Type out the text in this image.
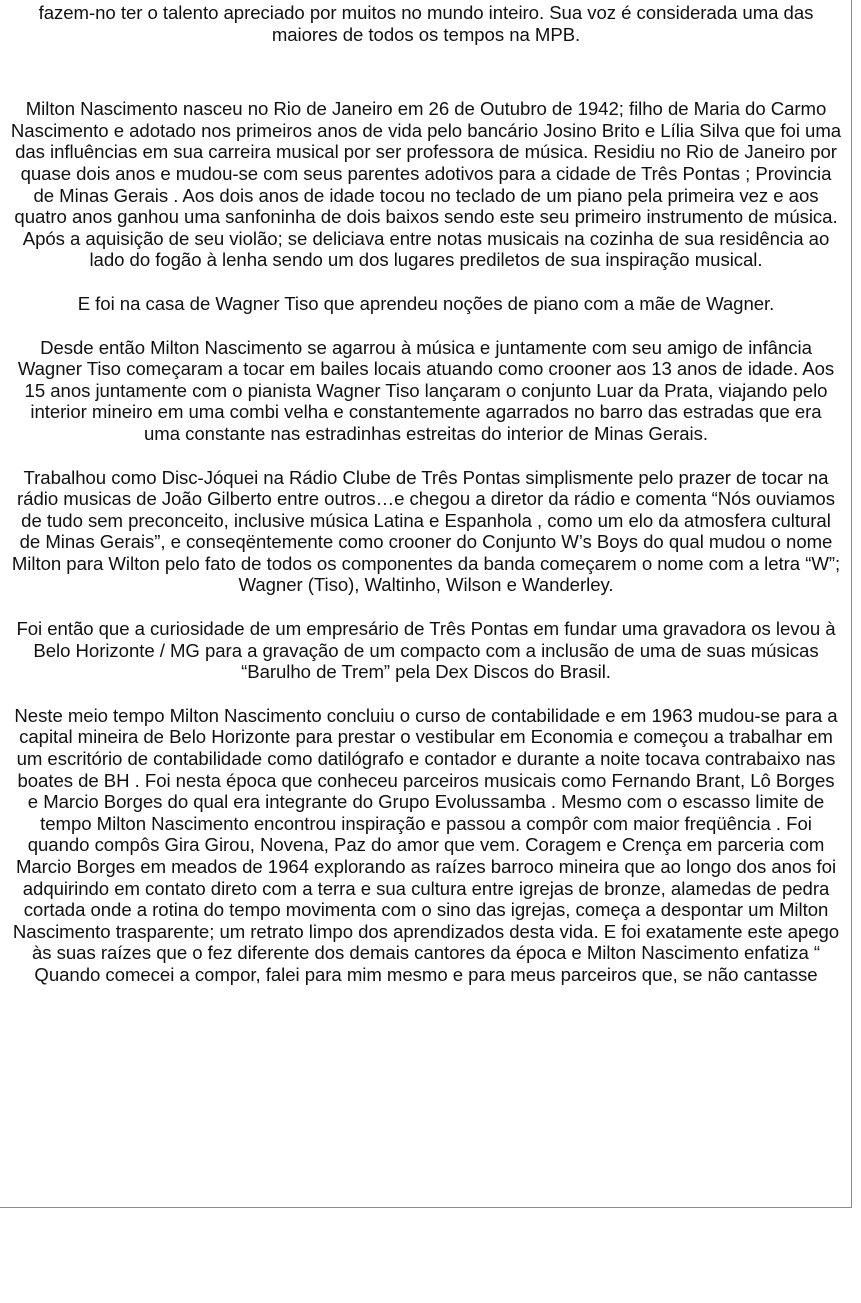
fazem-no ter o talento apreciado por muitos no mundo inteiro. Sua voz é considerada uma das maiores de todos os tempos na MPB.

Milton Nascimento nasceu no Rio de Janeiro em 26 de Outubro de 1942; filho de Maria do Carmo Nascimento e adotado nos primeiros anos de vida pelo bancário Josino Brito e Lília Silva que foi uma das influências em sua carreira musical por ser professora de música. Residiu no Rio de Janeiro por quase dois anos e mudou-se com seus parentes adotivos para a cidade de Três Pontas ; Provincia de Minas Gerais . Aos dois anos de idade tocou no teclado de um piano pela primeira vez e aos quatro anos ganhou uma sanfoninha de dois baixos sendo este seu primeiro instrumento de música. Após a aquisição de seu violão; se deliciava entre notas musicais na cozinha de sua residência ao lado do fogão à lenha sendo um dos lugares prediletos de sua inspiração musical.

E foi na casa de Wagner Tiso que aprendeu noções de piano com a mãe de Wagner.

Desde então Milton Nascimento se agarrou à música e juntamente com seu amigo de infância Wagner Tiso começaram a tocar em bailes locais atuando como crooner aos 13 anos de idade. Aos 15 anos juntamente com o pianista Wagner Tiso lançaram o conjunto Luar da Prata, viajando pelo interior mineiro em uma combi velha e constantemente agarrados no barro das estradas que era uma constante nas estradinhas estreitas do interior de Minas Gerais.

Trabalhou como Disc-Jóquei na Rádio Clube de Três Pontas simplismente pelo prazer de tocar na rádio musicas de João Gilberto entre outros…e chegou a diretor da rádio e comenta “Nós ouviamos de tudo sem preconceito, inclusive música Latina e Espanhola , como um elo da atmosfera cultural de Minas Gerais”, e conseqëntemente como crooner do Conjunto W’s Boys do qual mudou o nome Milton para Wilton pelo fato de todos os componentes da banda começarem o nome com a letra “W”; Wagner (Tiso), Waltinho, Wilson e Wanderley.

Foi então que a curiosidade de um empresário de Três Pontas em fundar uma gravadora os levou à Belo Horizonte / MG para a gravação de um compacto com a inclusão de uma de suas músicas “Barulho de Trem” pela Dex Discos do Brasil.

Neste meio tempo Milton Nascimento concluiu o curso de contabilidade e em 1963 mudou-se para a capital mineira de Belo Horizonte para prestar o vestibular em Economia e começou a trabalhar em um escritório de contabilidade como datilógrafo e contador e durante a noite tocava contrabaixo nas boates de BH . Foi nesta época que conheceu parceiros musicais como Fernando Brant, Lô Borges e Marcio Borges do qual era integrante do Grupo Evolussamba . Mesmo com o escasso limite de tempo Milton Nascimento encontrou inspiração e passou a compôr com maior freqüência . Foi quando compôs Gira Girou, Novena, Paz do amor que vem. Coragem e Crença em parceria com Marcio Borges em meados de 1964 explorando as raízes barroco mineira que ao longo dos anos foi adquirindo em contato direto com a terra e sua cultura entre igrejas de bronze, alamedas de pedra cortada onde a rotina do tempo movimenta com o sino das igrejas, começa a despontar um Milton Nascimento trasparente; um retrato limpo dos aprendizados desta vida. E foi exatamente este apego às suas raízes que o fez diferente dos demais cantores da época e Milton Nascimento enfatiza “ Quando comecei a compor, falei para mim mesmo e para meus parceiros que, se não cantasse
